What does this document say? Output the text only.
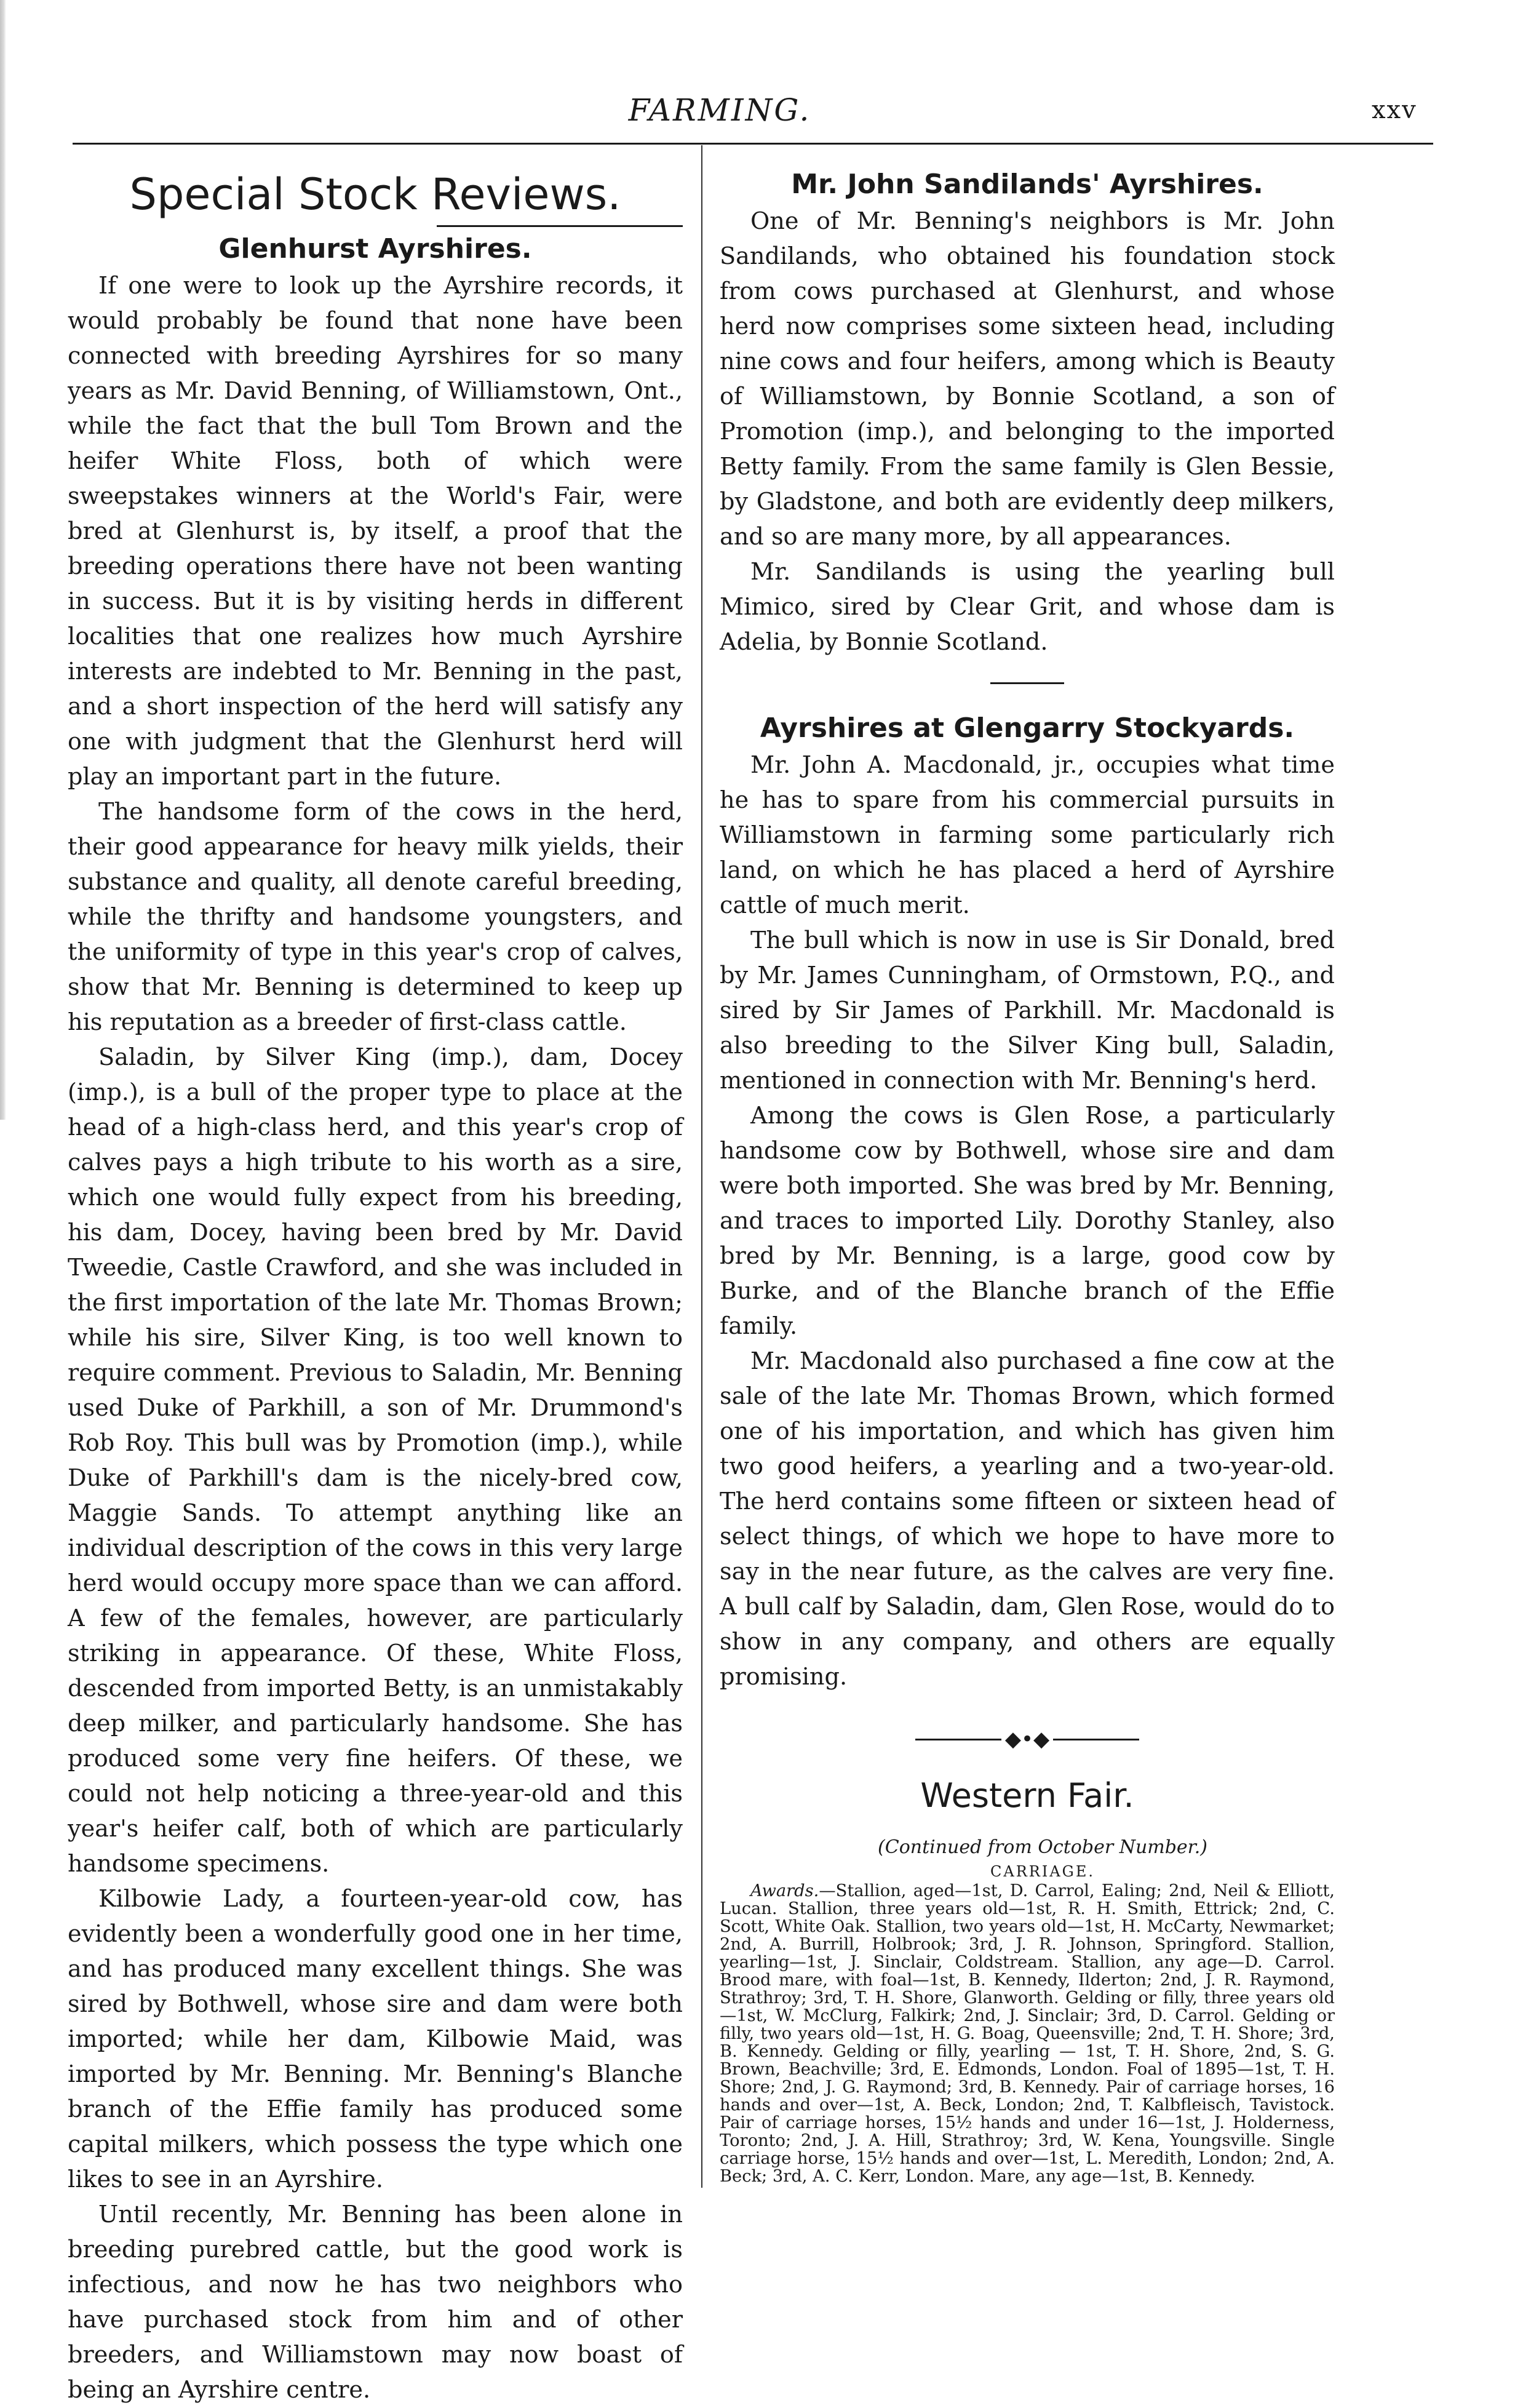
FARMING.	xxv
Special Stock Reviews.
Glenhurst Ayrshires.

If one were to look up the Ayrshire records, it would probably be found that none have been connected with breeding Ayrshires for so many years as Mr. David Benning, of Williamstown, Ont., while the fact that the bull Tom Brown and the heifer White Floss, both of which were sweepstakes winners at the World's Fair, were bred at Glenhurst is, by itself, a proof that the breeding operations there have not been wanting in success. But it is by visiting herds in different localities that one realizes how much Ayrshire interests are indebted to Mr. Benning in the past, and a short inspection of the herd will satisfy any one with judgment that the Glenhurst herd will play an important part in the future.

The handsome form of the cows in the herd, their good appearance for heavy milk yields, their substance and quality, all denote careful breeding, while the thrifty and handsome youngsters, and the uniformity of type in this year's crop of calves, show that Mr. Benning is determined to keep up his reputation as a breeder of first-class cattle.

Saladin, by Silver King (imp.), dam, Docey (imp.), is a bull of the proper type to place at the head of a high-class herd, and this year's crop of calves pays a high tribute to his worth as a sire, which one would fully expect from his breeding, his dam, Docey, having been bred by Mr. David Tweedie, Castle Crawford, and she was included in the first importation of the late Mr. Thomas Brown; while his sire, Silver King, is too well known to require comment. Previous to Saladin, Mr. Benning used Duke of Parkhill, a son of Mr. Drummond's Rob Roy. This bull was by Promotion (imp.), while Duke of Parkhill's dam is the nicely-bred cow, Maggie Sands. To attempt anything like an individual description of the cows in this very large herd would occupy more space than we can afford. A few of the females, however, are particularly striking in appearance. Of these, White Floss, descended from imported Betty, is an unmistakably deep milker, and particularly handsome. She has produced some very fine heifers. Of these, we could not help noticing a three-year-old and this year's heifer calf, both of which are particularly handsome specimens.

Kilbowie Lady, a fourteen-year-old cow, has evidently been a wonderfully good one in her time, and has produced many excellent things. She was sired by Bothwell, whose sire and dam were both imported; while her dam, Kilbowie Maid, was imported by Mr. Benning. Mr. Benning's Blanche branch of the Effie family has produced some capital milkers, which possess the type which one likes to see in an Ayrshire.

Until recently, Mr. Benning has been alone in breeding purebred cattle, but the good work is infectious, and now he has two neighbors who have purchased stock from him and of other breeders, and Williamstown may now boast of being an Ayrshire centre.

Mr. John Sandilands' Ayrshires.

One of Mr. Benning's neighbors is Mr. John Sandilands, who obtained his foundation stock from cows purchased at Glenhurst, and whose herd now comprises some sixteen head, including nine cows and four heifers, among which is Beauty of Williamstown, by Bonnie Scotland, a son of Promotion (imp.), and belonging to the imported Betty family. From the same family is Glen Bessie, by Gladstone, and both are evidently deep milkers, and so are many more, by all appearances.

Mr. Sandilands is using the yearling bull Mimico, sired by Clear Grit, and whose dam is Adelia, by Bonnie Scotland.

Ayrshires at Glengarry Stockyards.

Mr. John A. Macdonald, jr., occupies what time he has to spare from his commercial pursuits in Williamstown in farming some particularly rich land, on which he has placed a herd of Ayrshire cattle of much merit.

The bull which is now in use is Sir Donald, bred by Mr. James Cunningham, of Ormstown, P.Q., and sired by Sir James of Parkhill. Mr. Macdonald is also breeding to the Silver King bull, Saladin, mentioned in connection with Mr. Benning's herd.

Among the cows is Glen Rose, a particularly handsome cow by Bothwell, whose sire and dam were both imported. She was bred by Mr. Benning, and traces to imported Lily. Dorothy Stanley, also bred by Mr. Benning, is a large, good cow by Burke, and of the Blanche branch of the Effie family.

Mr. Macdonald also purchased a fine cow at the sale of the late Mr. Thomas Brown, which formed one of his importation, and which has given him two good heifers, a yearling and a two-year-old. The herd contains some fifteen or sixteen head of select things, of which we hope to have more to say in the near future, as the calves are very fine. A bull calf by Saladin, dam, Glen Rose, would do to show in any company, and others are equally promising.

◆•◆
Western Fair.

(Continued from October Number.)

CARRIAGE.

Awards.—Stallion, aged—1st, D. Carrol, Ealing; 2nd, Neil & Elliott, Lucan. Stallion, three years old—1st, R. H. Smith, Ettrick; 2nd, C. Scott, White Oak. Stallion, two years old—1st, H. McCarty, Newmarket; 2nd, A. Burrill, Holbrook; 3rd, J. R. Johnson, Springford. Stallion, yearling—1st, J. Sinclair, Coldstream. Stallion, any age—D. Carrol. Brood mare, with foal—1st, B. Kennedy, Ilderton; 2nd, J. R. Raymond, Strathroy; 3rd, T. H. Shore, Glanworth. Gelding or filly, three years old—1st, W. McClurg, Falkirk; 2nd, J. Sinclair; 3rd, D. Carrol. Gelding or filly, two years old—1st, H. G. Boag, Queensville; 2nd, T. H. Shore; 3rd, B. Kennedy. Gelding or filly, yearling — 1st, T. H. Shore, 2nd, S. G. Brown, Beachville; 3rd, E. Edmonds, London. Foal of 1895—1st, T. H. Shore; 2nd, J. G. Raymond; 3rd, B. Kennedy. Pair of carriage horses, 16 hands and over—1st, A. Beck, London; 2nd, T. Kalbfleisch, Tavistock. Pair of carriage horses, 15½ hands and under 16—1st, J. Holderness, Toronto; 2nd, J. A. Hill, Strathroy; 3rd, W. Kena, Youngsville. Single carriage horse, 15½ hands and over—1st, L. Meredith, London; 2nd, A. Beck; 3rd, A. C. Kerr, London. Mare, any age—1st, B. Kennedy.
